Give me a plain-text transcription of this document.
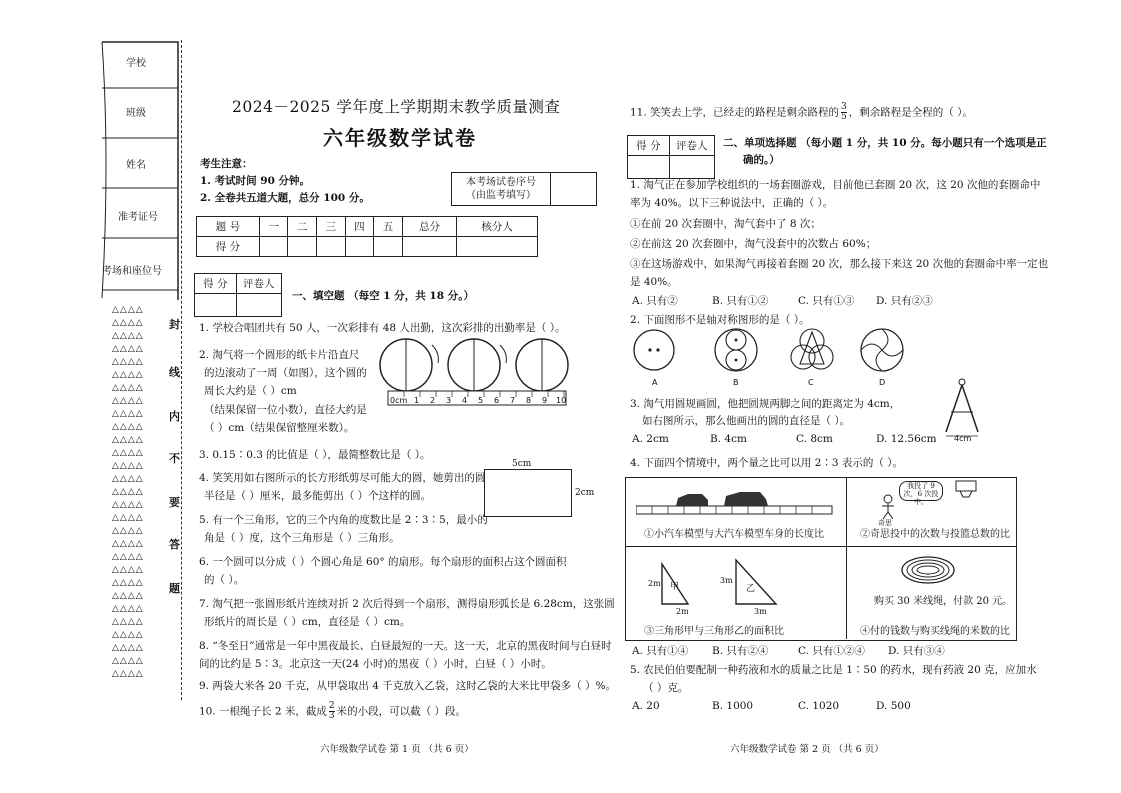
学校
班级
姓名
准考证号
考场和座位号
△△△△
△△△△
△△△△
△△△△
△△△△
△△△△
△△△△
△△△△
△△△△
△△△△
△△△△
△△△△
△△△△
△△△△
△△△△
△△△△
△△△△
△△△△
△△△△
△△△△
△△△△
△△△△
△△△△
△△△△
△△△△
△△△△
△△△△
△△△△
△△△△
封
线
内
不
要
答
题
2024－2025 学年度上学期期末教学质量测查
六年级数学试卷
考生注意：
1. 考试时间 90 分钟。
2. 全卷共五道大题，总分 100 分。
本考场试卷序号
（由监考填写）

题 号	一	二	三	四	五	总分	核分人
得 分							
得 分	评卷人

一、填空题 （每空 1 分，共 18 分。）
1. 学校合唱团共有 50 人，一次彩排有 48 人出勤，这次彩排的出勤率是（ ）。
2. 淘气将一个圆形的纸卡片沿直尺
的边滚动了一周（如图），这个圆的
周长大约是（ ）cm
（结果保留一位小数），直径大约是
（ ）cm（结果保留整厘米数）。
0cm 1 2 3 4 5 6 7 8 9 10
3. 0.15∶0.3 的比值是（ ），最简整数比是（ ）。
4. 笑笑用如右图所示的长方形纸剪尽可能大的圆，她剪出的圆
半径是（ ）厘米，最多能剪出（ ）个这样的圆。
5cm
2cm
5. 有一个三角形，它的三个内角的度数比是 2∶3∶5，最小的
角是（ ）度，这个三角形是（ ）三角形。
6. 一个圆可以分成（ ）个圆心角是 60° 的扇形。每个扇形的面积占这个圆面积
的（ ）。
7. 淘气把一张圆形纸片连续对折 2 次后得到一个扇形，测得扇形弧长是 6.28cm，这张圆
形纸片的周长是（ ）cm，直径是（ ）cm。
8. “冬至日”通常是一年中黑夜最长、白昼最短的一天。这一天，北京的黑夜时间与白昼时
间的比约是 5∶3。北京这一天(24 小时)的黑夜（ ）小时，白昼（ ）小时。
9. 两袋大米各 20 千克，从甲袋取出 4 千克放入乙袋，这时乙袋的大米比甲袋多（ ）%。
10. 一根绳子长 2 米，截成 $\frac{2}{3}$ 米的小段，可以截（ ）段。
六年级数学试卷 第 1 页 （共 6 页）
11. 笑笑去上学，已经走的路程是剩余路程的 $\frac{3}{5}$ ，剩余路程是全程的（ ）。
得 分	评卷人
	二、单项选择题 （每小题 1 分，共 10 分。每小题只有一个选项是正
确的。）
1. 淘气正在参加学校组织的一场套圈游戏，目前他已套圈 20 次，这 20 次他的套圈命中
率为 40%。以下三种说法中，正确的（ ）。
①在前 20 次套圈中，淘气套中了 8 次；
②在前这 20 次套圈中，淘气没套中的次数占 60%；
③在这场游戏中，如果淘气再接着套圈 20 次，那么接下来这 20 次他的套圈命中率一定也
是 40%。
A. 只有②	B. 只有①②	C. 只有①③ D. 只有②③
2. 下面图形不是轴对称图形的是（ ）。
A	B	C	D
3. 淘气用圆规画圆，他把圆规两脚之间的距离定为 4cm，
如右图所示，那么他画出的圆的直径是（ ）。
A. 2cm	B. 4cm	C. 8cm	D. 12.56cm 4cm
4. 下面四个情境中，两个量之比可以用 2∶3 表示的（ ）。
①小汽车模型与大汽车模型车身的长度比
我投了 9 次，6 次投中。
奇思
②奇思投中的次数与投篮总数的比
甲	乙
2m
2m
3m
3m
③三角形甲与三角形乙的面积比
购买 30 米线绳，付款 20 元。
④付的钱数与购买线绳的米数的比
A. 只有①④ B. 只有②④	C. 只有①②④ D. 只有③④
5. 农民伯伯要配制一种药液和水的质量之比是 1∶50 的药水，现有药液 20 克，应加水
（ ）克。
A. 20	B. 1000	C. 1020	D. 500
六年级数学试卷 第 2 页 （共 6 页）
